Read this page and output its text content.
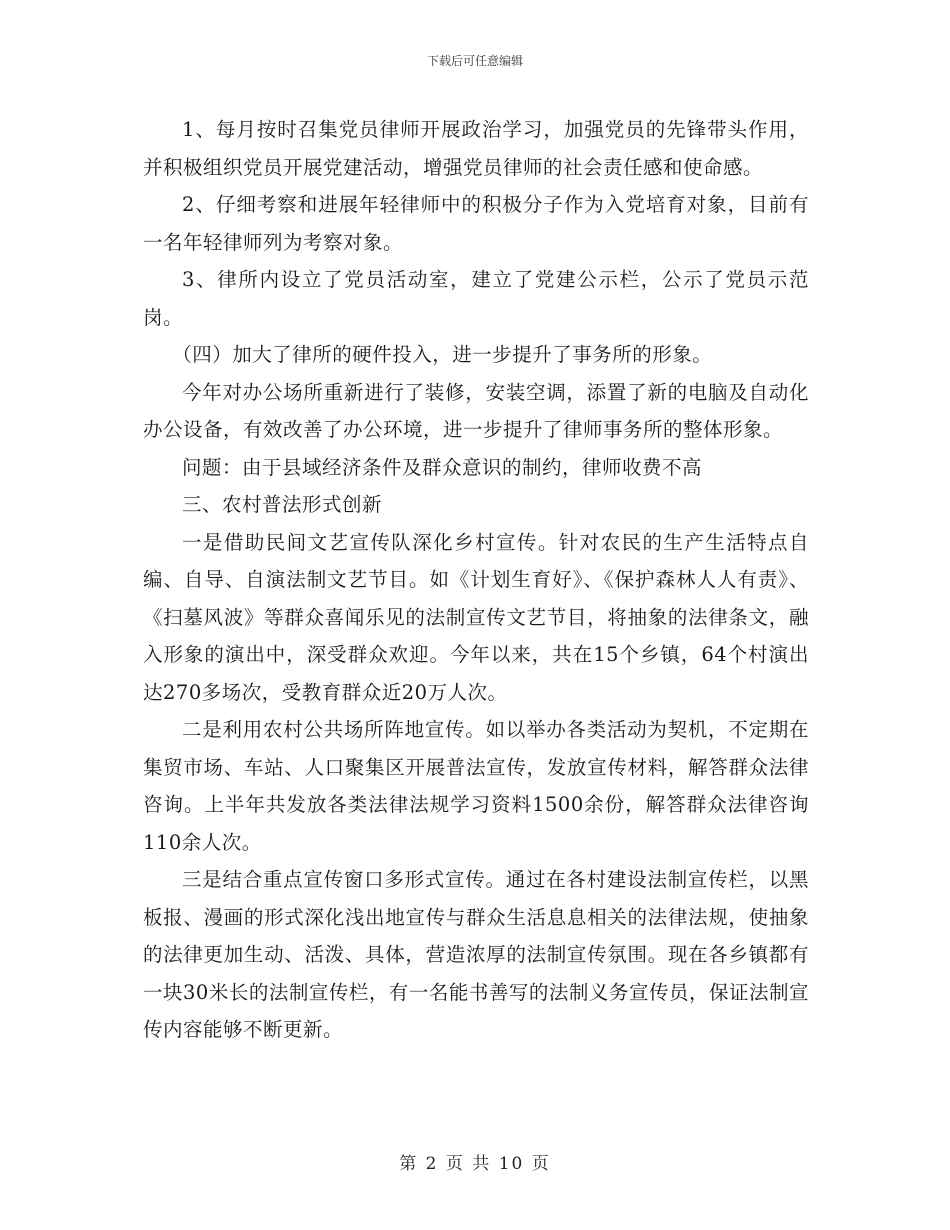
下载后可任意编辑

1、每月按时召集党员律师开展政治学习，加强党员的先锋带头作用，并积极组织党员开展党建活动，增强党员律师的社会责任感和使命感。

2、仔细考察和进展年轻律师中的积极分子作为入党培育对象，目前有一名年轻律师列为考察对象。

3、律所内设立了党员活动室，建立了党建公示栏，公示了党员示范岗。

（四）加大了律所的硬件投入，进一步提升了事务所的形象。

今年对办公场所重新进行了装修，安装空调，添置了新的电脑及自动化办公设备，有效改善了办公环境，进一步提升了律师事务所的整体形象。

问题：由于县域经济条件及群众意识的制约，律师收费不高

三、农村普法形式创新

一是借助民间文艺宣传队深化乡村宣传。针对农民的生产生活特点自编、自导、自演法制文艺节目。如《计划生育好》、《保护森林人人有责》、《扫墓风波》等群众喜闻乐见的法制宣传文艺节目，将抽象的法律条文，融入形象的演出中，深受群众欢迎。今年以来，共在15个乡镇，64个村演出达270多场次，受教育群众近20万人次。

二是利用农村公共场所阵地宣传。如以举办各类活动为契机，不定期在集贸市场、车站、人口聚集区开展普法宣传，发放宣传材料，解答群众法律咨询。上半年共发放各类法律法规学习资料1500余份，解答群众法律咨询110余人次。

三是结合重点宣传窗口多形式宣传。通过在各村建设法制宣传栏，以黑板报、漫画的形式深化浅出地宣传与群众生活息息相关的法律法规，使抽象的法律更加生动、活泼、具体，营造浓厚的法制宣传氛围。现在各乡镇都有一块30米长的法制宣传栏，有一名能书善写的法制义务宣传员，保证法制宣传内容能够不断更新。

第 2 页 共 10 页
